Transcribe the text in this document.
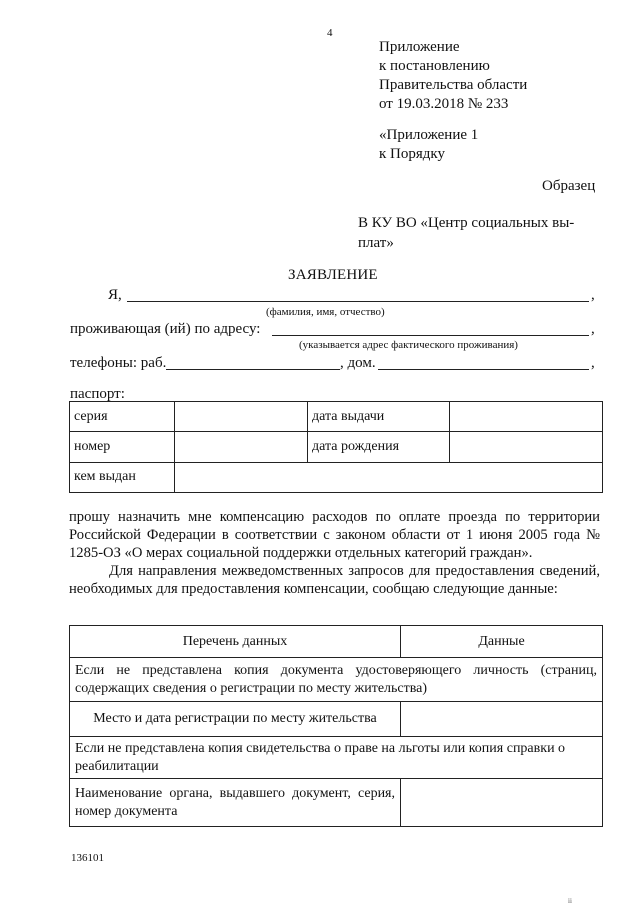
4
Приложение
к постановлению
Правительства области
от 19.03.2018 № 233
«Приложение 1
к Порядку
Образец
В КУ ВО «Центр социальных вы-
плат»
ЗАЯВЛЕНИЕ
Я,	,
(фамилия, имя, отчество)
проживающая (ий) по адресу:	,
(указывается адрес фактического проживания)
телефоны: раб.	, дом.	,
паспорт:
серия		дата выдачи	
номер		дата рождения	
кем выдан			
прошу назначить мне компенсацию расходов по оплате проезда по территории Российской Федерации в соответствии с законом области от 1 июня 2005 года № 1285-ОЗ «О мерах социальной поддержки отдельных категорий граждан».
Для направления межведомственных запросов для предоставления сведений, необходимых для предоставления компенсации, сообщаю следующие данные:
Перечень данных	Данные
Если не представлена копия документа удостоверяющего личность (страниц, содержащих сведения о регистрации по месту жительства)	
Место и дата регистрации по месту жительства	
Если не представлена копия свидетельства о праве на льготы или копия справки о реабилитации	
Наименование органа, выдавшего документ, серия, номер документа	
136101
ii
